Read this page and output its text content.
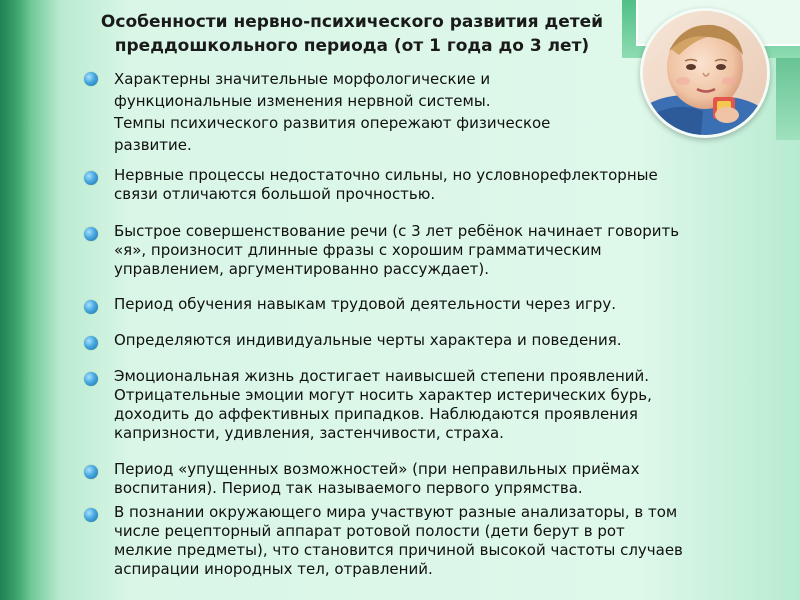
Особенности нервно-психического развития детей
преддошкольного периода (от 1 года до 3 лет)
Характерны значительные морфологические и
функциональные изменения нервной системы.
Темпы психического развития опережают физическое
развитие.
Нервные процессы недостаточно сильны, но условнорефлекторные
связи отличаются большой прочностью.
Быстрое совершенствование речи (с 3 лет ребёнок начинает говорить
«я», произносит длинные фразы с хорошим грамматическим
управлением, аргументированно рассуждает).
Период обучения навыкам трудовой деятельности через игру.
Определяются индивидуальные черты характера и поведения.
Эмоциональная жизнь достигает наивысшей степени проявлений.
Отрицательные эмоции могут носить характер истерических бурь,
доходить до аффективных припадков. Наблюдаются проявления
капризности, удивления, застенчивости, страха.
Период «упущенных возможностей» (при неправильных приёмах
воспитания). Период так называемого первого упрямства.
В познании окружающего мира участвуют разные анализаторы, в том
числе рецепторный аппарат ротовой полости (дети берут в рот
мелкие предметы), что становится причиной высокой частоты случаев
аспирации инородных тел, отравлений.
